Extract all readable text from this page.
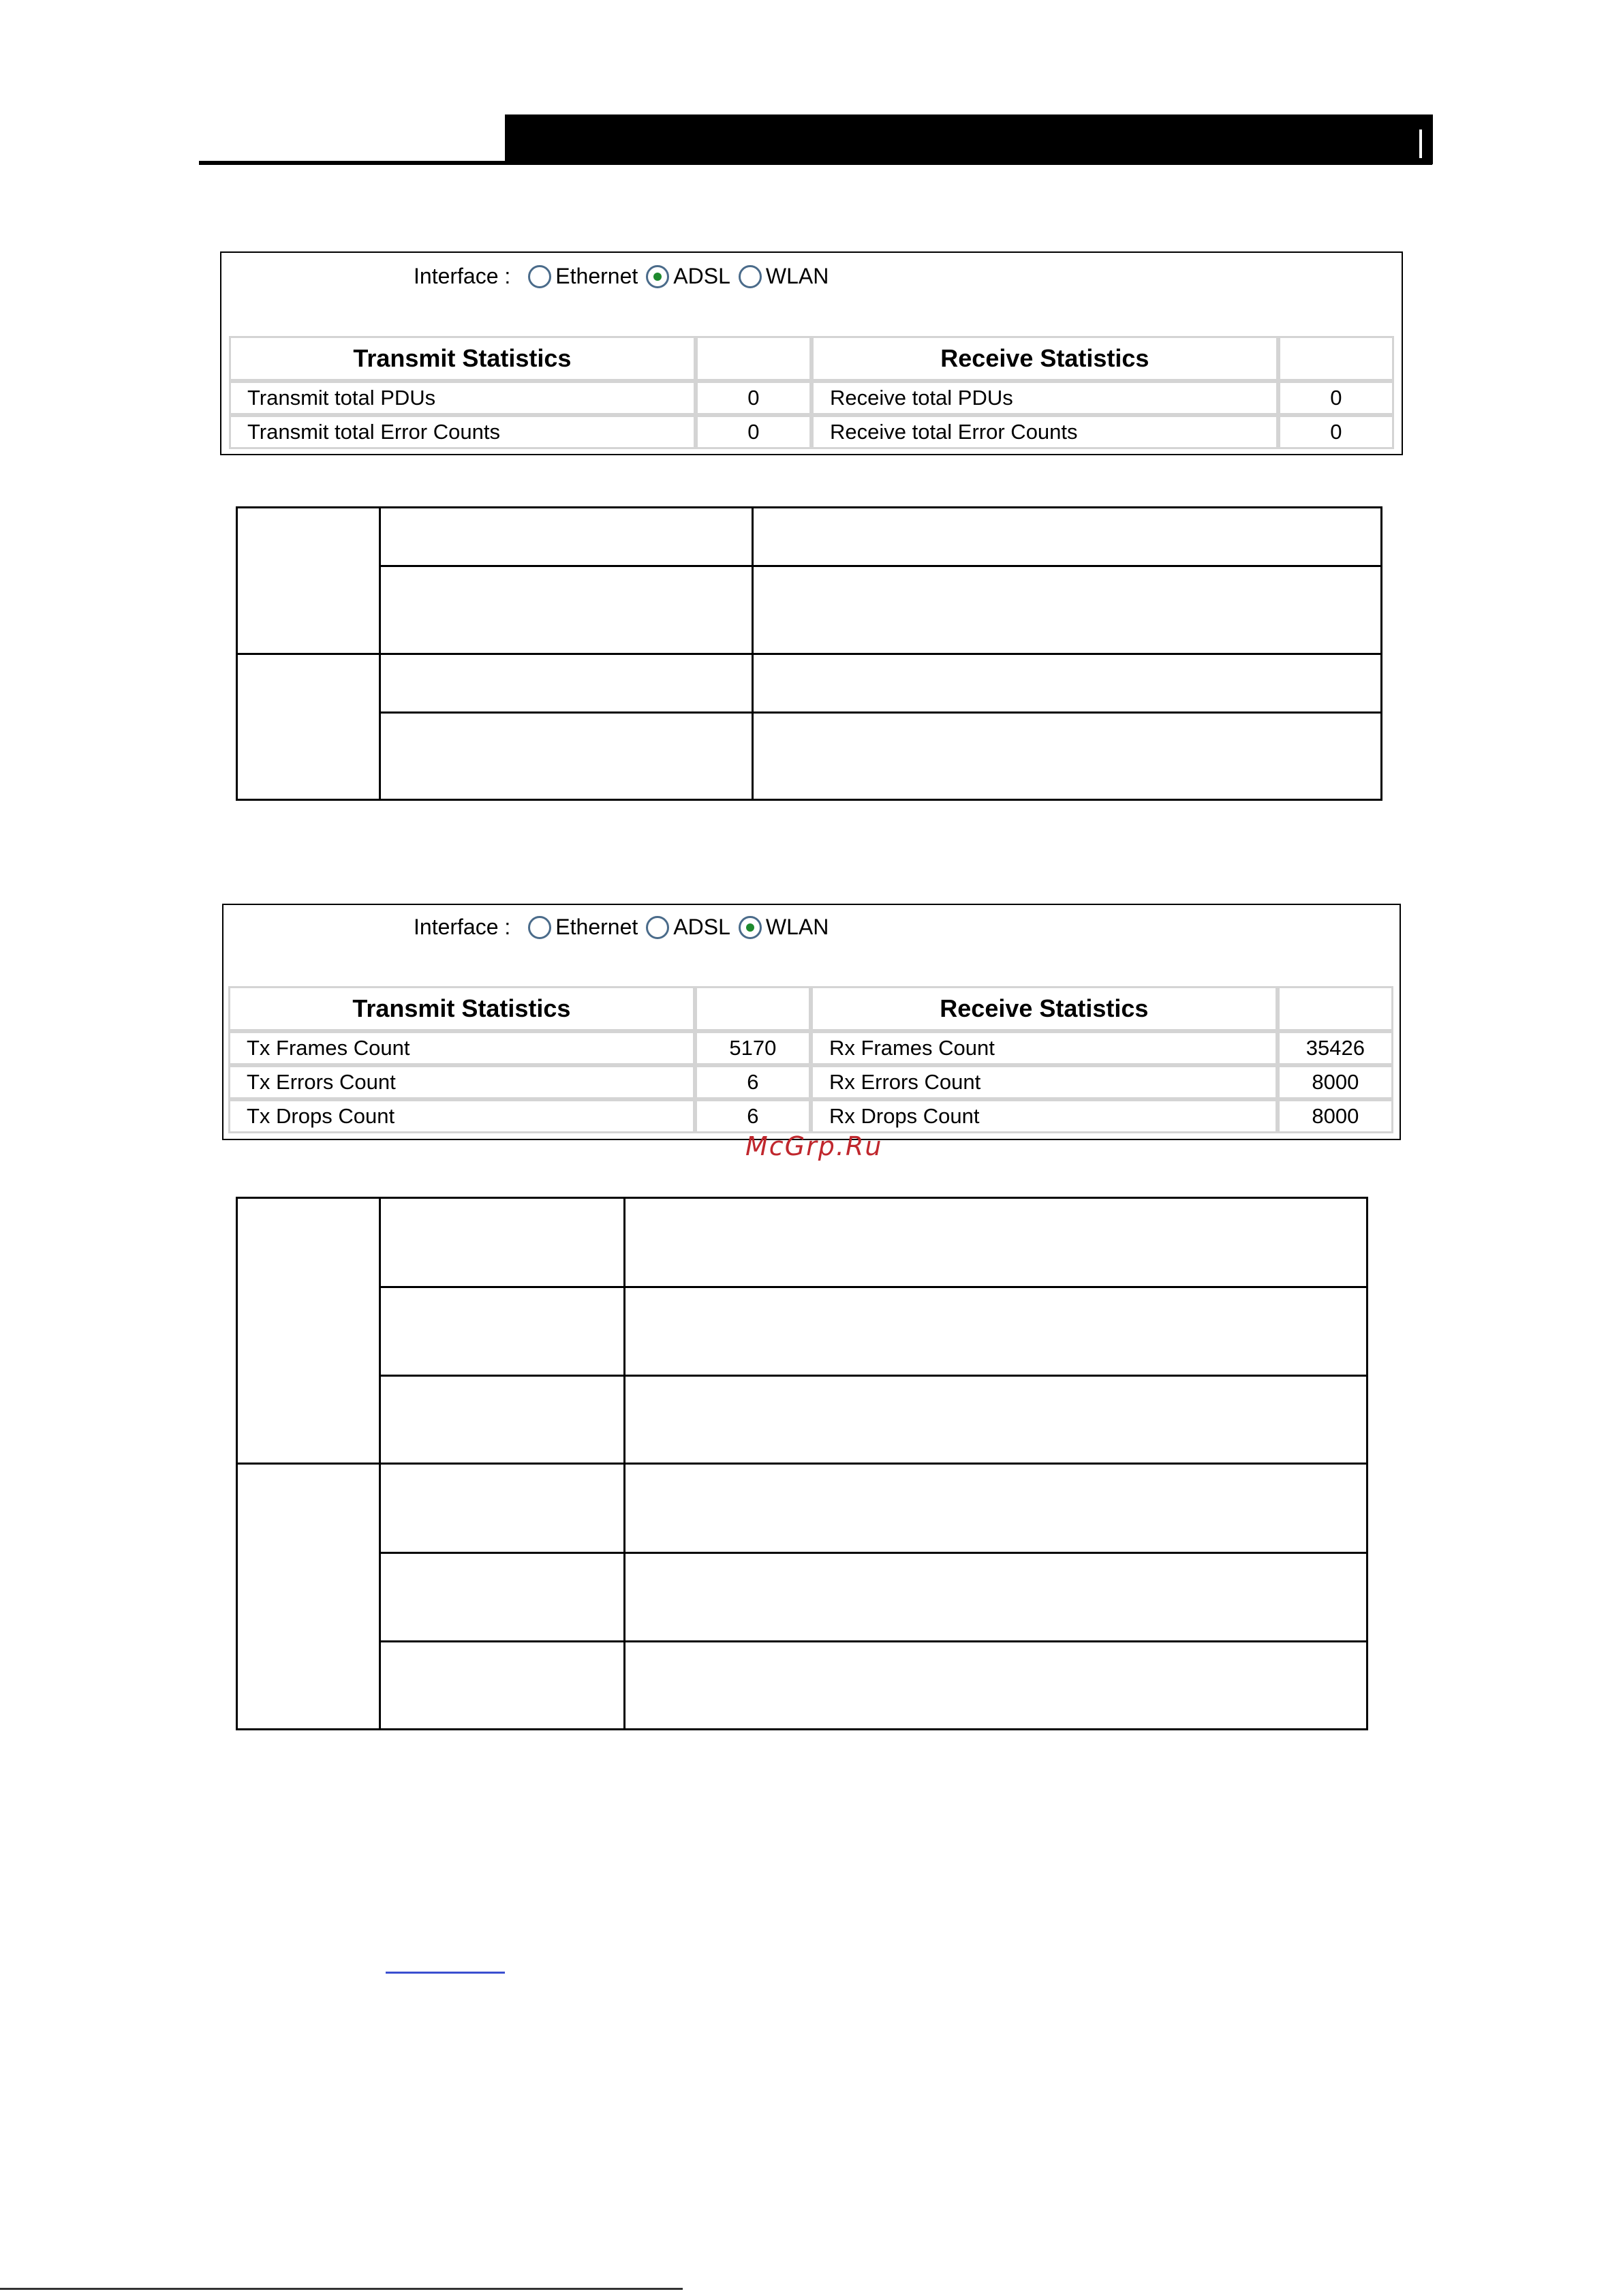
Interface : Ethernet ADSL WLAN
Transmit Statistics		Receive Statistics	
Transmit total PDUs	0	Receive total PDUs	0
Transmit total Error Counts	0	Receive total Error Counts	0
Interface : Ethernet ADSL WLAN
Transmit Statistics		Receive Statistics	
Tx Frames Count	5170	Rx Frames Count	35426
Tx Errors Count	6	Rx Errors Count	8000
Tx Drops Count	6	Rx Drops Count	8000
McGrp.Ru
